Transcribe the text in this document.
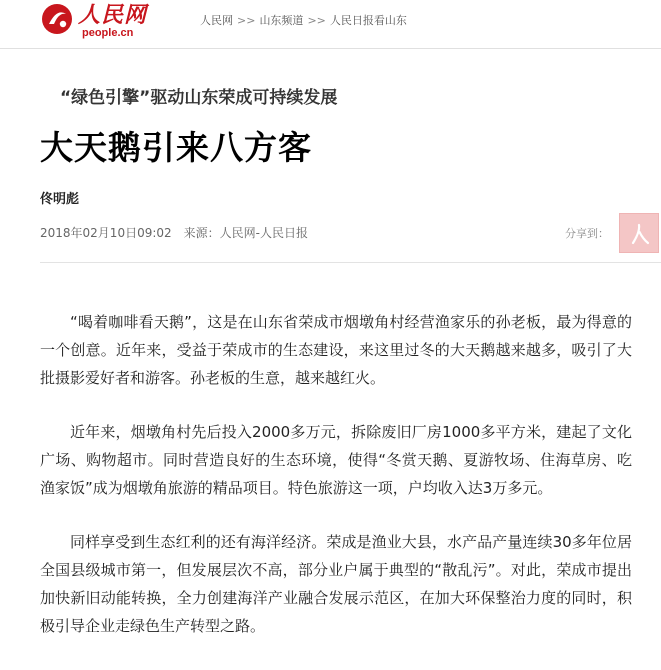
人民网
people.cn
人民网 >> 山东频道 >> 人民日报看山东
“绿色引擎”驱动山东荣成可持续发展
大天鹅引来八方客
佟明彪
2018年02月10日09:02 来源：人民网-人民日报	分享到：

“喝着咖啡看天鹅”，这是在山东省荣成市烟墩角村经营渔家乐的孙老板，最为得意的一个创意。近年来，受益于荣成市的生态建设，来这里过冬的大天鹅越来越多，吸引了大批摄影爱好者和游客。孙老板的生意，越来越红火。

近年来，烟墩角村先后投入2000多万元，拆除废旧厂房1000多平方米，建起了文化广场、购物超市。同时营造良好的生态环境，使得“冬赏天鹅、夏游牧场、住海草房、吃渔家饭”成为烟墩角旅游的精品项目。特色旅游这一项，户均收入达3万多元。

同样享受到生态红利的还有海洋经济。荣成是渔业大县，水产品产量连续30多年位居全国县级城市第一，但发展层次不高，部分业户属于典型的“散乱污”。对此，荣成市提出加快新旧动能转换，全力创建海洋产业融合发展示范区，在加大环保整治力度的同时，积极引导企业走绿色生产转型之路。
